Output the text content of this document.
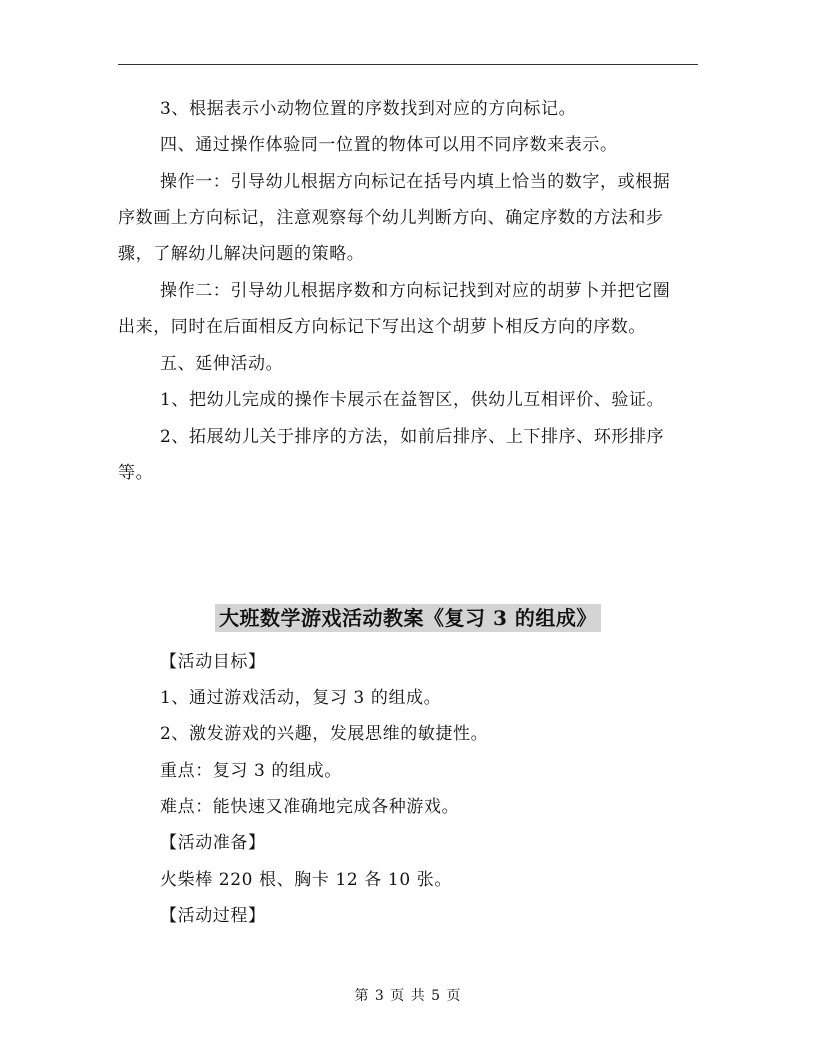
3、根据表示小动物位置的序数找到对应的方向标记。
四、通过操作体验同一位置的物体可以用不同序数来表示。
操作一：引导幼儿根据方向标记在括号内填上恰当的数字，或根据
序数画上方向标记，注意观察每个幼儿判断方向、确定序数的方法和步
骤，了解幼儿解决问题的策略。
操作二：引导幼儿根据序数和方向标记找到对应的胡萝卜并把它圈
出来，同时在后面相反方向标记下写出这个胡萝卜相反方向的序数。
五、延伸活动。
1、把幼儿完成的操作卡展示在益智区，供幼儿互相评价、验证。
2、拓展幼儿关于排序的方法，如前后排序、上下排序、环形排序
等。
大班数学游戏活动教案《复习 3 的组成》
【活动目标】
1、通过游戏活动，复习 3 的组成。
2、激发游戏的兴趣，发展思维的敏捷性。
重点：复习 3 的组成。
难点：能快速又准确地完成各种游戏。
【活动准备】
火柴棒 220 根、胸卡 12 各 10 张。
【活动过程】
第 3 页 共 5 页
